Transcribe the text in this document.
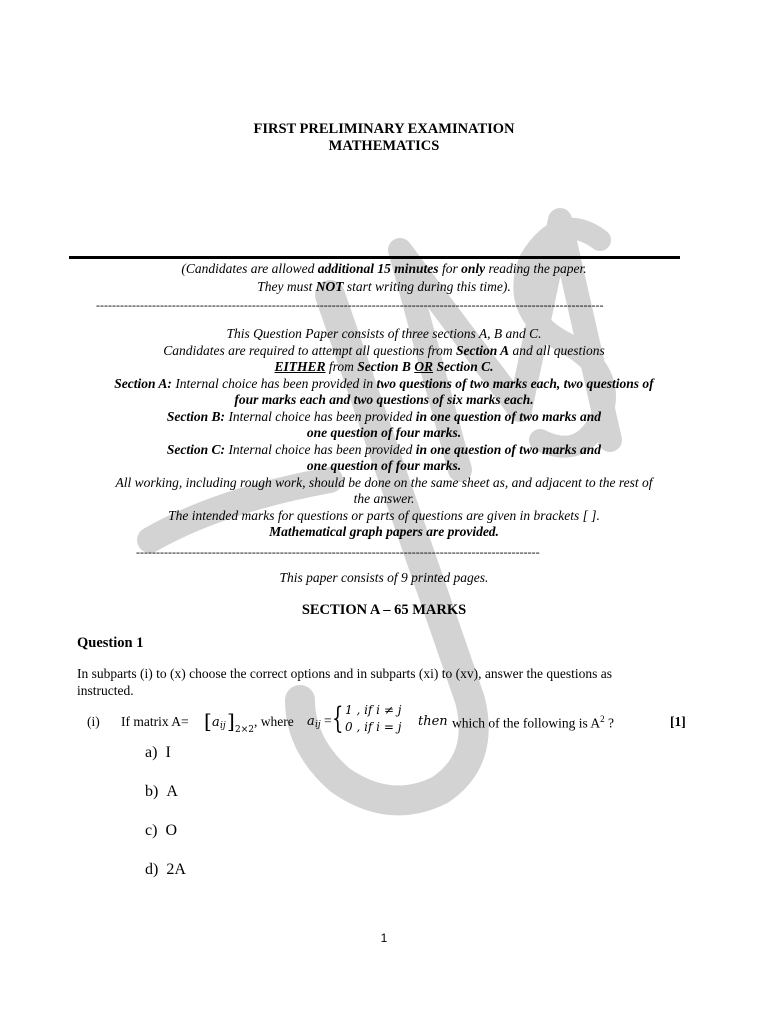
FIRST PRELIMINARY EXAMINATION
MATHEMATICS
(Candidates are allowed additional 15 minutes for only reading the paper.
They must NOT start writing during this time).
-------------------------------------------------------------------------------------------------------------------------------
This Question Paper consists of three sections A, B and C.
Candidates are required to attempt all questions from Section A and all questions
EITHER from Section B OR Section C.
Section A: Internal choice has been provided in two questions of two marks each, two questions of
four marks each and two questions of six marks each.
Section B: Internal choice has been provided in one question of two marks and
one question of four marks.
Section C: Internal choice has been provided in one question of two marks and
one question of four marks.
All working, including rough work, should be done on the same sheet as, and adjacent to the rest of
the answer.
The intended marks for questions or parts of questions are given in brackets [ ].
Mathematical graph papers are provided.
-----------------------------------------------------------------------------------------------------
This paper consists of 9 printed pages.
SECTION A – 65 MARKS
Question 1
In subparts (i) to (x) choose the correct options and in subparts (xi) to (xv), answer the questions as
instructed.
(i) If matrix A= [ a ij ] 2×2
, where a ij = { 1 , if i ≠ j
0 , if i = j then which of the following is $A^2$ ?	[1]
a) I
b) A
c) O
d) 2A
1
